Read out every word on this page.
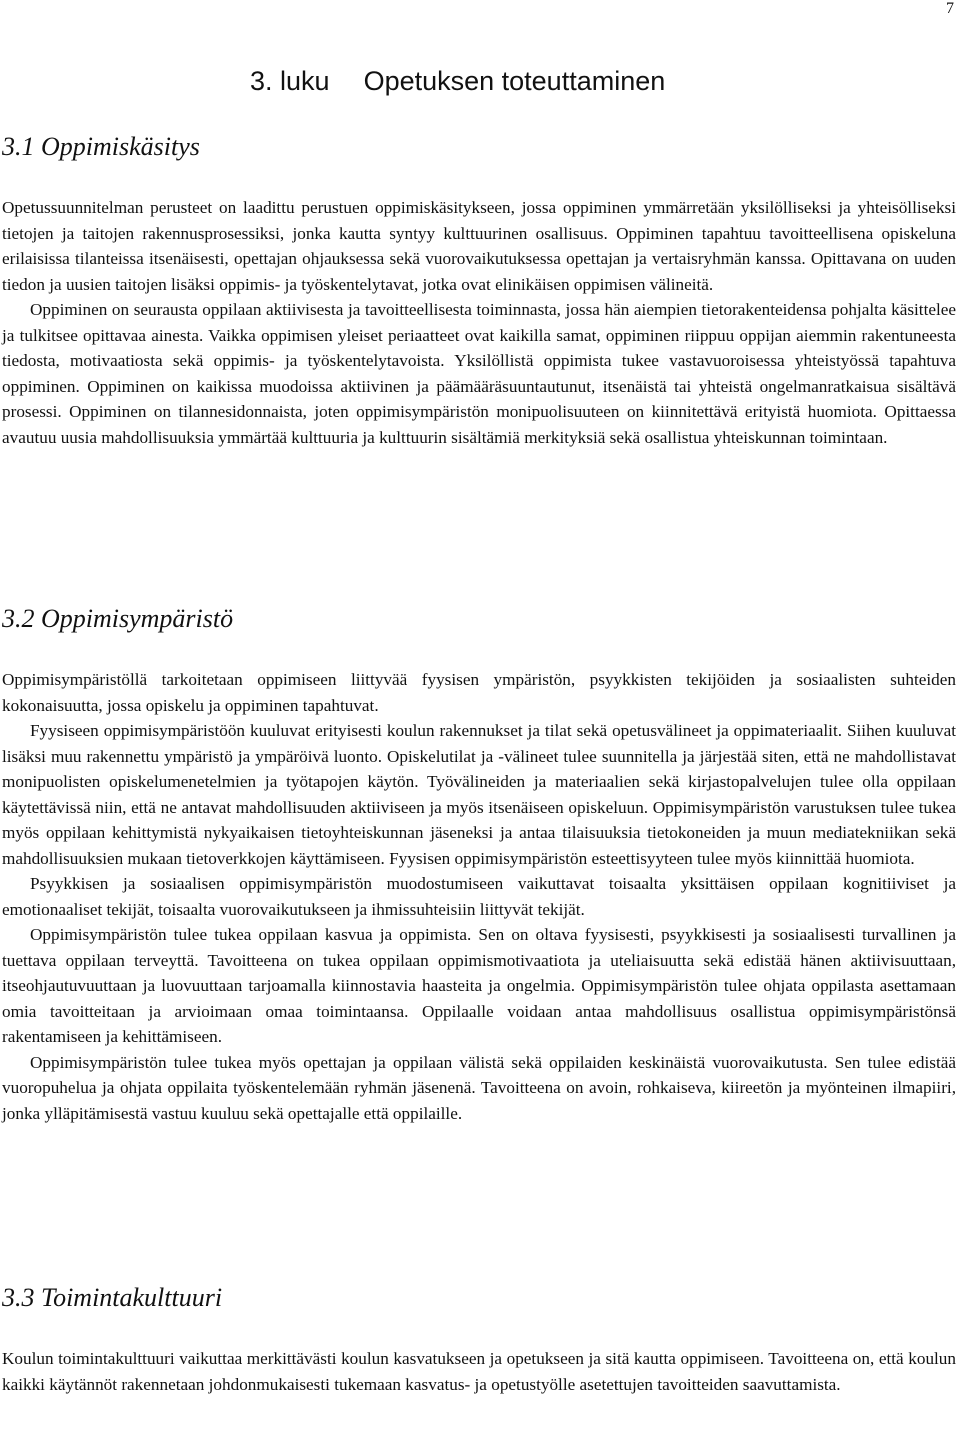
7
3. luku Opetuksen toteuttaminen
3.1 Oppimiskäsitys

Opetussuunnitelman perusteet on laadittu perustuen oppimiskäsitykseen, jossa oppiminen ymmärretään yksilölliseksi ja yhteisölliseksi tietojen ja taitojen rakennusprosessiksi, jonka kautta syntyy kulttuurinen osallisuus. Oppiminen tapahtuu tavoitteellisena opiskeluna erilaisissa tilanteissa itsenäisesti, opettajan ohjauksessa sekä vuorovaikutuksessa opettajan ja vertaisryhmän kanssa. Opittavana on uuden tiedon ja uusien taitojen lisäksi oppimis- ja työskentelytavat, jotka ovat elinikäisen oppimisen välineitä.

Oppiminen on seurausta oppilaan aktiivisesta ja tavoitteellisesta toiminnasta, jossa hän aiempien tietorakenteidensa pohjalta käsittelee ja tulkitsee opittavaa ainesta. Vaikka oppimisen yleiset periaatteet ovat kaikilla samat, oppiminen riippuu oppijan aiemmin rakentuneesta tiedosta, motivaatiosta sekä oppimis- ja työskentelytavoista. Yksilöllistä oppimista tukee vastavuoroisessa yhteistyössä tapahtuva oppiminen. Oppiminen on kaikissa muodoissa aktiivinen ja päämääräsuuntautunut, itsenäistä tai yhteistä ongelmanratkaisua sisältävä prosessi. Oppiminen on tilannesidonnaista, joten oppimisympäristön monipuolisuuteen on kiinnitettävä erityistä huomiota. Opittaessa avautuu uusia mahdollisuuksia ymmärtää kulttuuria ja kulttuurin sisältämiä merkityksiä sekä osallistua yhteiskunnan toimintaan.

3.2 Oppimisympäristö

Oppimisympäristöllä tarkoitetaan oppimiseen liittyvää fyysisen ympäristön, psyykkisten tekijöiden ja sosiaalisten suhteiden kokonaisuutta, jossa opiskelu ja oppiminen tapahtuvat.

Fyysiseen oppimisympäristöön kuuluvat erityisesti koulun rakennukset ja tilat sekä opetusvälineet ja oppimateriaalit. Siihen kuuluvat lisäksi muu rakennettu ympäristö ja ympäröivä luonto. Opiskelutilat ja -välineet tulee suunnitella ja järjestää siten, että ne mahdollistavat monipuolisten opiskelumenetelmien ja työtapojen käytön. Työvälineiden ja materiaalien sekä kirjastopalvelujen tulee olla oppilaan käytettävissä niin, että ne antavat mahdollisuuden aktiiviseen ja myös itsenäiseen opiskeluun. Oppimisympäristön varustuksen tulee tukea myös oppilaan kehittymistä nykyaikaisen tietoyhteiskunnan jäseneksi ja antaa tilaisuuksia tietokoneiden ja muun mediatekniikan sekä mahdollisuuksien mukaan tietoverkkojen käyttämiseen. Fyysisen oppimisympäristön esteettisyyteen tulee myös kiinnittää huomiota.

Psyykkisen ja sosiaalisen oppimisympäristön muodostumiseen vaikuttavat toisaalta yksittäisen oppilaan kognitiiviset ja emotionaaliset tekijät, toisaalta vuorovaikutukseen ja ihmissuhteisiin liittyvät tekijät.

Oppimisympäristön tulee tukea oppilaan kasvua ja oppimista. Sen on oltava fyysisesti, psyykkisesti ja sosiaalisesti turvallinen ja tuettava oppilaan terveyttä. Tavoitteena on tukea oppilaan oppimismotivaatiota ja uteliaisuutta sekä edistää hänen aktiivisuuttaan, itseohjautuvuuttaan ja luovuuttaan tarjoamalla kiinnostavia haasteita ja ongelmia. Oppimisympäristön tulee ohjata oppilasta asettamaan omia tavoitteitaan ja arvioimaan omaa toimintaansa. Oppilaalle voidaan antaa mahdollisuus osallistua oppimisympäristönsä rakentamiseen ja kehittämiseen.

Oppimisympäristön tulee tukea myös opettajan ja oppilaan välistä sekä oppilaiden keskinäistä vuorovaikutusta. Sen tulee edistää vuoropuhelua ja ohjata oppilaita työskentelemään ryhmän jäsenenä. Tavoitteena on avoin, rohkaiseva, kiireetön ja myönteinen ilmapiiri, jonka ylläpitämisestä vastuu kuuluu sekä opettajalle että oppilaille.

3.3 Toimintakulttuuri

Koulun toimintakulttuuri vaikuttaa merkittävästi koulun kasvatukseen ja opetukseen ja sitä kautta oppimiseen. Tavoitteena on, että koulun kaikki käytännöt rakennetaan johdonmukaisesti tukemaan kasvatus- ja opetustyölle asetettujen tavoitteiden saavuttamista.
